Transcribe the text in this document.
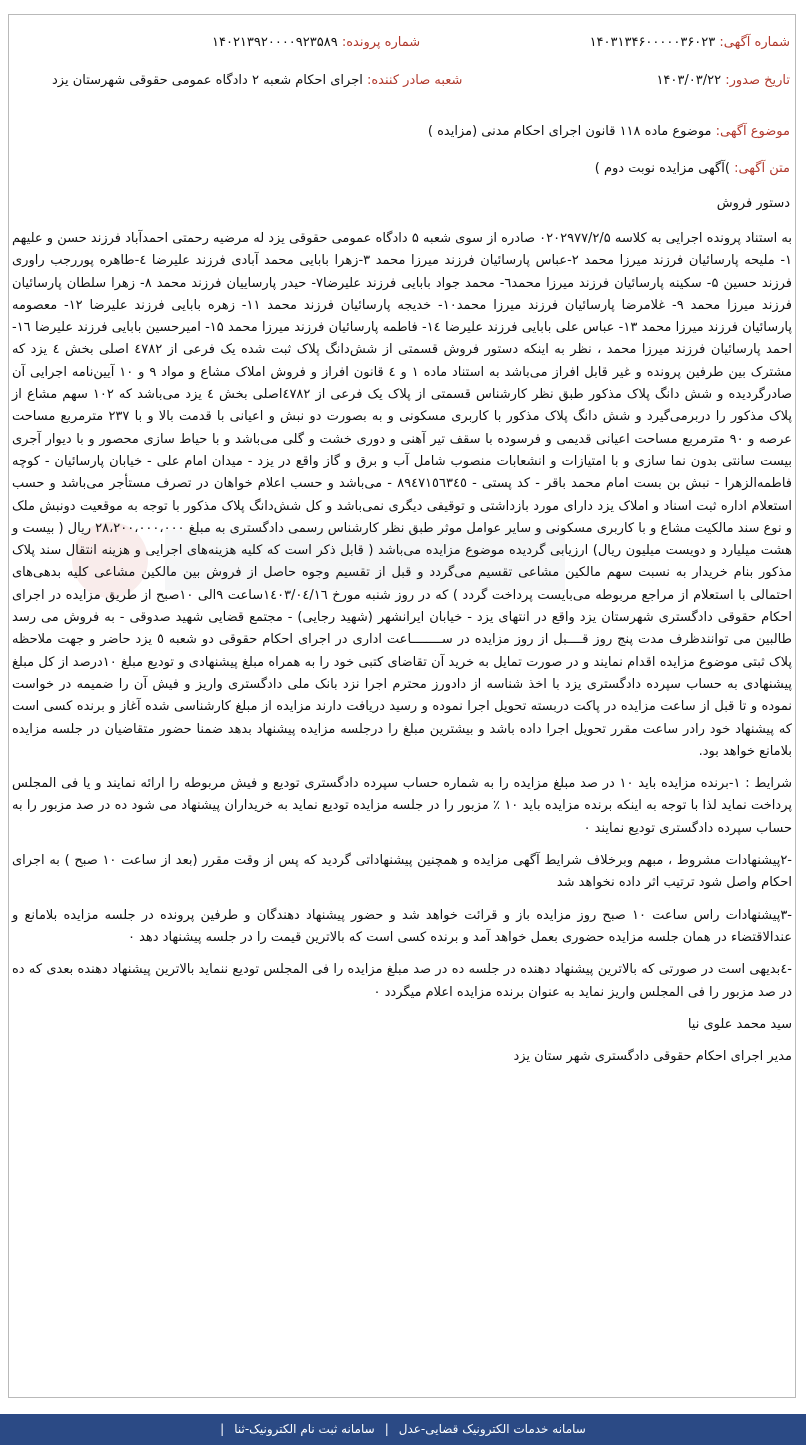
شماره آگهی: ۱۴۰۳۱۳۴۶۰۰۰۰۰۳۶۰۲۳
شماره پرونده: ۱۴۰۲۱۳۹۲۰۰۰۰۹۲۳۵۸۹
تاریخ صدور: ۱۴۰۳/۰۳/۲۲
شعبه صادر کننده: اجرای احکام شعبه ۲ دادگاه عمومی حقوقی شهرستان یزد
موضوع آگهی: موضوع ماده ۱۱۸ قانون اجرای احکام مدنی (مزایده )
متن آگهی: )آگهی مزایده نوبت دوم )
دستور فروش

به استناد پرونده اجرایی به کلاسه ۰۲۰۲۹۷۷/۲/۵ صادره از سوی شعبه ۵ دادگاه عمومی حقوقی یزد له مرضیه رحمتی احمدآباد فرزند حسن و علیهم ۱- ملیحه پارسائیان فرزند میرزا محمد ۲-عباس پارسائیان فرزند میرزا محمد ۳-زهرا بابایی محمد آبادی فرزند علیرضا ٤-طاهره پوررجب راوری فرزند حسین ۵- سکینه پارسائیان فرزند میرزا محمد٦- محمد جواد بابایی فرزند علیرضا۷- حیدر پارساییان فرزند محمد ۸- زهرا سلطان پارسائیان فرزند میرزا محمد ۹- غلامرضا پارسائیان فرزند میرزا محمد۱۰- خدیجه پارسائیان فرزند محمد ۱۱- زهره بابایی فرزند علیرضا ۱۲- معصومه پارسائیان فرزند میرزا محمد ۱۳- عباس علی بابایی فرزند علیرضا ۱٤- فاطمه پارسائیان فرزند میرزا محمد ۱۵- امیرحسین بابایی فرزند علیرضا ۱٦- احمد پارسائیان فرزند میرزا محمد ، نظر به اینکه دستور فروش قسمتی از شش‌دانگ پلاک ثبت شده یک فرعی از ٤۷۸۲ اصلی بخش ٤ یزد که مشترک بین طرفین پرونده و غیر قابل افراز می‌باشد به استناد ماده ۱ و ٤ قانون افراز و فروش املاک مشاع و مواد ۹ و ۱۰ آیین‌نامه اجرایی آن صادرگردیده و شش دانگ پلاک مذکور طبق نظر کارشناس قسمتی از پلاک یک فرعی از ٤۷۸۲اصلی بخش ٤ یزد می‌باشد که ۱۰۲ سهم مشاع از پلاک مذکور را دربرمی‌گیرد و شش دانگ پلاک مذکور با کاربری مسکونی و به بصورت دو نبش و اعیانی با قدمت بالا و با ۲۳۷ مترمربع مساحت عرصه و ۹۰ مترمربع مساحت اعیانی قدیمی و فرسوده با سقف تیر آهنی و دوری خشت و گلی می‌باشد و با حیاط سازی محصور و با دیوار آجری بیست سانتی بدون نما سازی و با امتیازات و انشعابات منصوب شامل آب و برق و گاز واقع در یزد - میدان امام علی - خیابان پارسائیان - کوچه فاطمه‌الزهرا - نبش بن بست امام محمد باقر - کد پستی - ۸۹٤۷۱٥٦۳٤٥ - می‌باشد و حسب اعلام خواهان در تصرف مستأجر می‌باشد و حسب استعلام اداره ثبت اسناد و املاک یزد دارای مورد بازداشتی و توقیفی دیگری نمی‌باشد و کل شش‌دانگ پلاک مذکور با توجه به موقعیت دونبش ملک و نوع سند مالکیت مشاع و با کاربری مسکونی و سایر عوامل موثر طبق نظر کارشناس رسمی دادگستری به مبلغ ۲۸،۲۰۰،۰۰۰،۰۰۰ ریال ( بیست و هشت میلیارد و دویست میلیون ریال) ارزیابی گردیده موضوع مزایده می‌باشد ( قابل ذکر است که کلیه هزینه‌های اجرایی و هزینه انتقال سند پلاک مذکور بنام خریدار به نسبت سهم مالکین مشاعی تقسیم می‌گردد و قبل از تقسیم وجوه حاصل از فروش بین مالکین مشاعی کلیه بدهی‌های احتمالی با استعلام از مراجع مربوطه می‌بایست پرداخت گردد ) که در روز شنبه مورخ ۱٤۰۳/۰٤/۱٦ساعت ۹الی ۱۰صبح از طریق مزایده در اجرای احکام حقوقی دادگستری شهرستان یزد واقع در انتهای یزد - خیابان ایرانشهر (شهید رجایی) - مجتمع قضایی شهید صدوقی - به فروش می رسد طالبین می توانندظرف مدت پنج روز قــــبل از روز مزایده در ســــــــاعت اداری در اجرای احکام حقوقی دو شعبه ٥ یزد حاضر و جهت ملاحظه پلاک ثبتی موضوع مزایده اقدام نمایند و در صورت تمایل به خرید آن تقاضای کتبی خود را به همراه مبلغ پیشنهادی و تودیع مبلغ ۱۰درصد از کل مبلغ پیشنهادی به حساب سپرده دادگستری یزد با اخذ شناسه از دادورز محترم اجرا نزد بانک ملی دادگستری واریز و فیش آن را ضمیمه در خواست نموده و تا قبل از ساعت مزایده در پاکت دربسته تحویل اجرا نموده و رسید دریافت دارند مزایده از مبلغ کارشناسی شده آغاز و برنده کسی است که پیشنهاد خود رادر ساعت مقرر تحویل اجرا داده باشد و بیشترین مبلغ را درجلسه مزایده پیشنهاد بدهد ضمنا حضور متقاضیان در جلسه مزایده بلامانع خواهد بود.

شرایط : ۱-برنده مزایده باید ۱۰ در صد مبلغ مزایده را به شماره حساب سپرده دادگستری تودیع و فیش مربوطه را ارائه نمایند و یا فی المجلس پرداخت نماید لذا با توجه به اینکه برنده مزایده باید ۱۰ ٪ مزبور را در جلسه مزایده تودیع نماید به خریداران پیشنهاد می شود ده در صد مزبور را به حساب سپرده دادگستری تودیع نمایند ۰

-۲پیشنهادات مشروط ، مبهم وبرخلاف شرایط آگهی مزایده و همچنین پیشنهاداتی گردید که پس از وقت مقرر (بعد از ساعت ۱۰ صبح ) به اجرای احکام واصل شود ترتیب اثر داده نخواهد شد

-۳پیشنهادات راس ساعت ۱۰ صبح روز مزایده باز و قرائت خواهد شد و حضور پیشنهاد دهندگان و طرفین پرونده در جلسه مزایده بلامانع و عندالاقتضاء در همان جلسه مزایده حضوری بعمل خواهد آمد و برنده کسی است که بالاترین قیمت را در جلسه پیشنهاد دهد ۰

-٤بدیهی است در صورتی که بالاترین پیشنهاد دهنده در جلسه ده در صد مبلغ مزایده را فی المجلس تودیع ننماید بالاترین پیشنهاد دهنده بعدی که ده در صد مزبور را فی المجلس واریز نماید به عنوان برنده مزایده اعلام میگردد ۰

سید محمد علوی نیا

مدیر اجرای احکام حقوقی دادگستری شهر ستان یزد

سامانه خدمات الکترونیک قضایی-عدل
|
سامانه ثبت نام الکترونیک-ثنا
|
